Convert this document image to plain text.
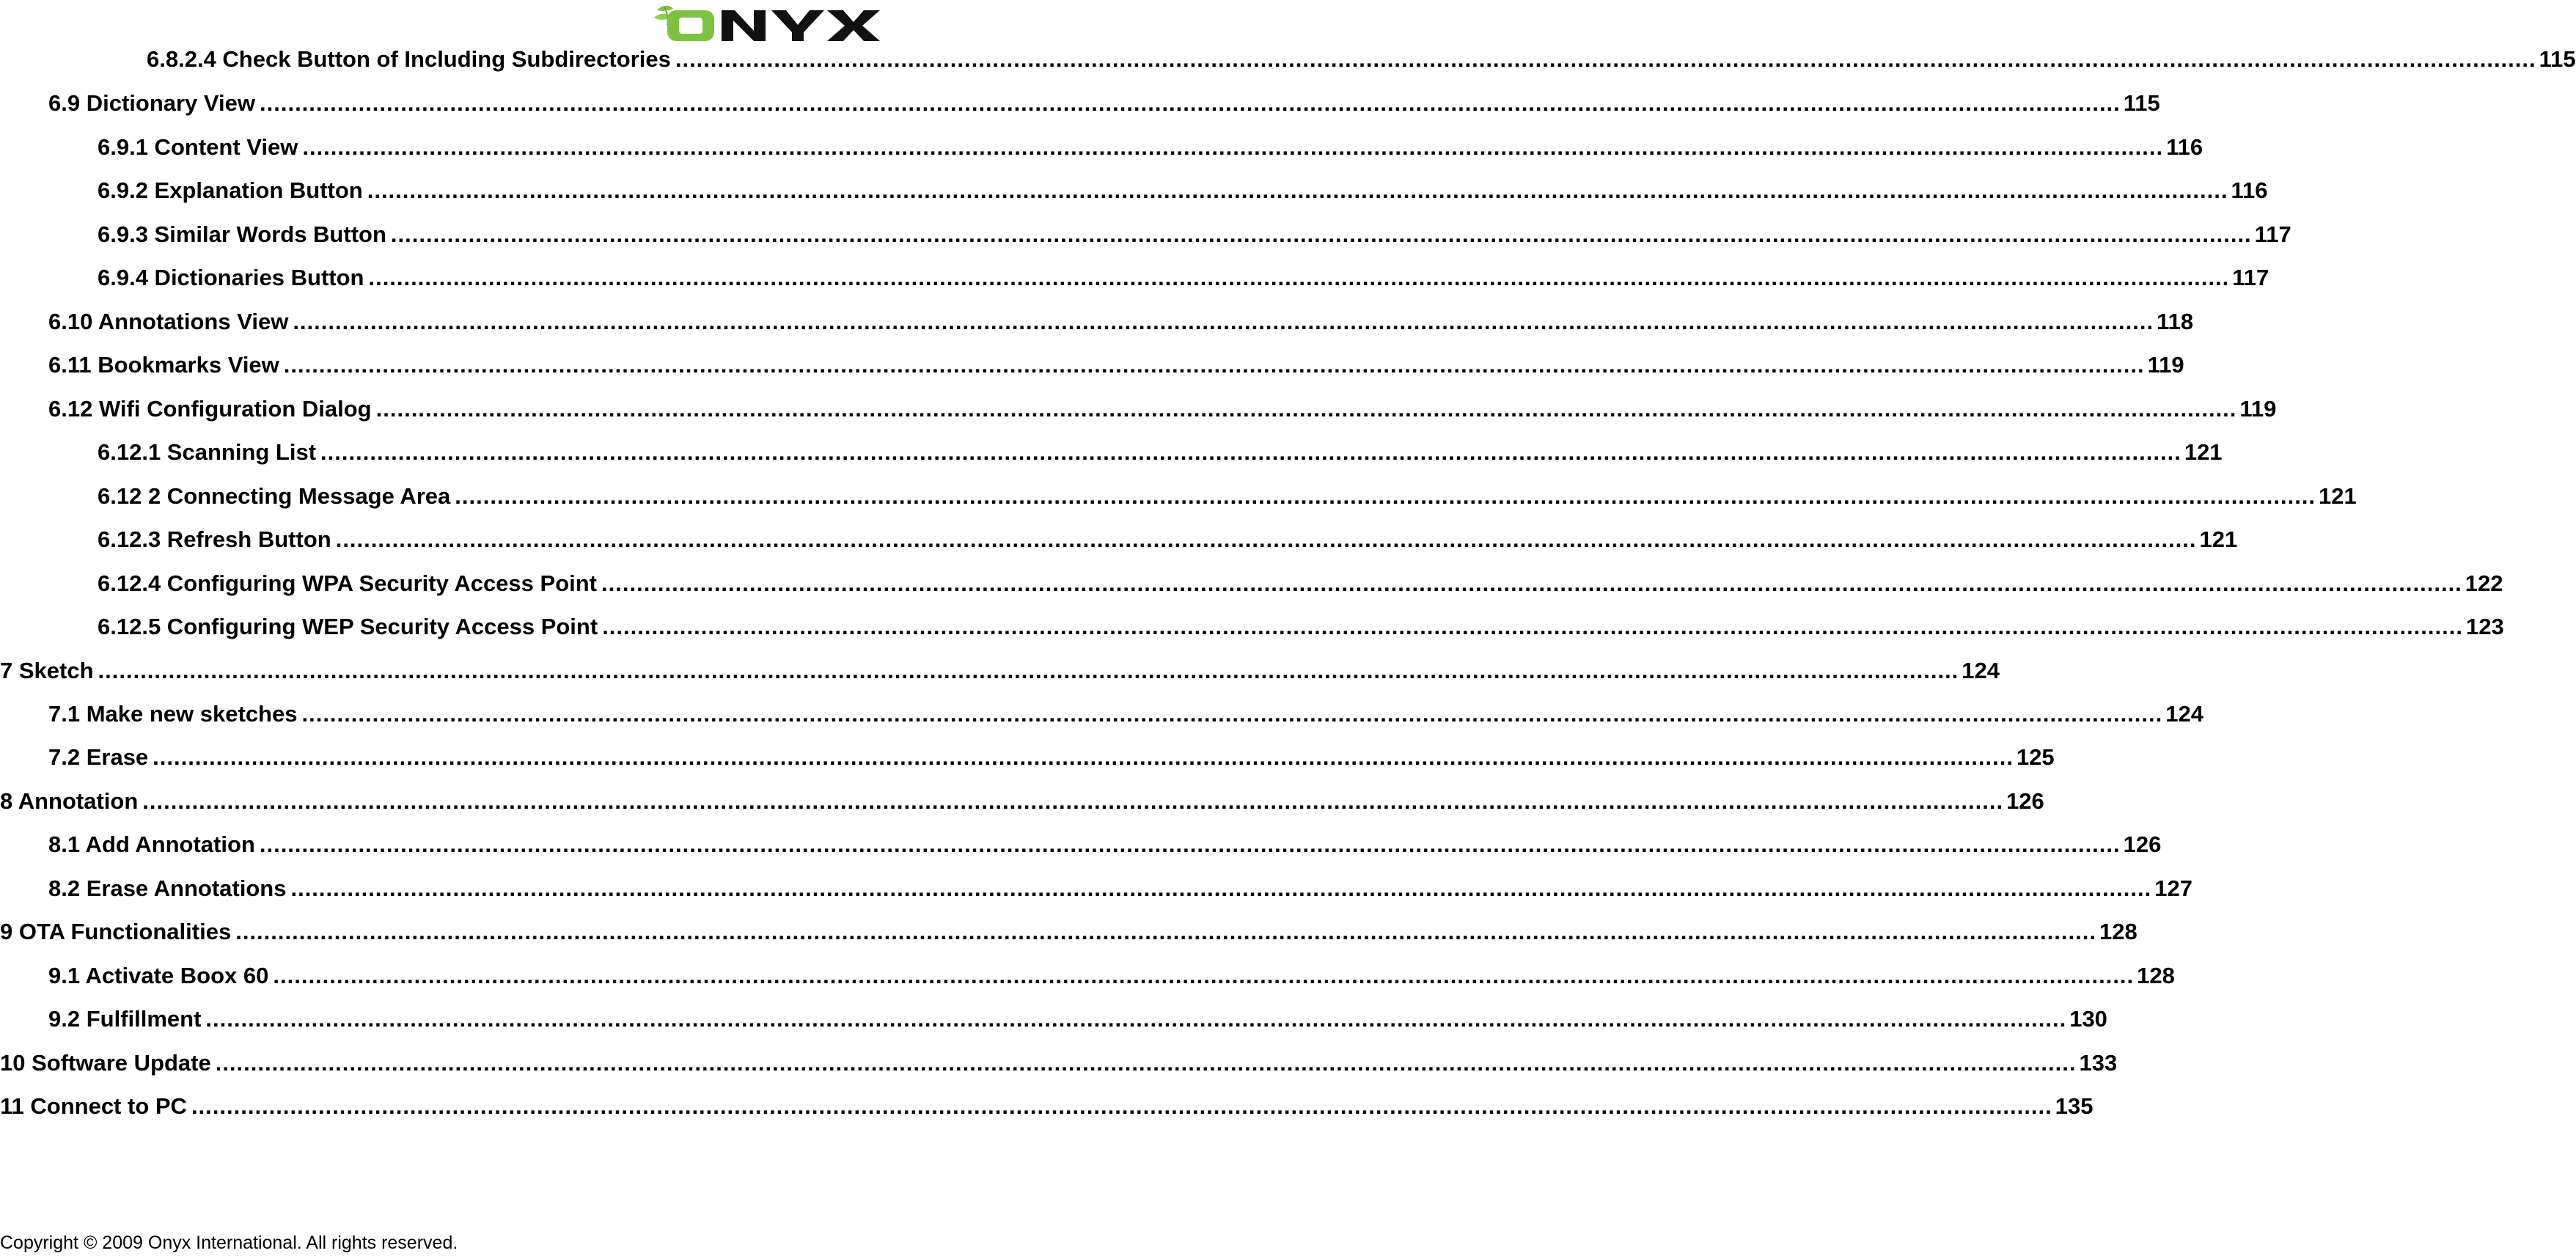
6.8.2.4 Check Button of Including Subdirectories .....	115
6.9 Dictionary View .....	115
6.9.1 Content View .....	116
6.9.2 Explanation Button .....	116
6.9.3 Similar Words Button .....	117
6.9.4 Dictionaries Button .....	117
6.10 Annotations View .....	118
6.11 Bookmarks View .....	119
6.12 Wifi Configuration Dialog .....	119
6.12.1 Scanning List .....	121
6.12 2 Connecting Message Area .....	121
6.12.3 Refresh Button .....	121
6.12.4 Configuring WPA Security Access Point .....	122
6.12.5 Configuring WEP Security Access Point .....	123
7 Sketch .....	124
7.1 Make new sketches .....	124
7.2 Erase .....	125
8 Annotation .....	126
8.1 Add Annotation .....	126
8.2 Erase Annotations .....	127
9 OTA Functionalities .....	128
9.1 Activate Boox 60 .....	128
9.2 Fulfillment .....	130
10 Software Update .....	133
11 Connect to PC .....	135
Copyright © 2009 Onyx International. All rights reserved.
